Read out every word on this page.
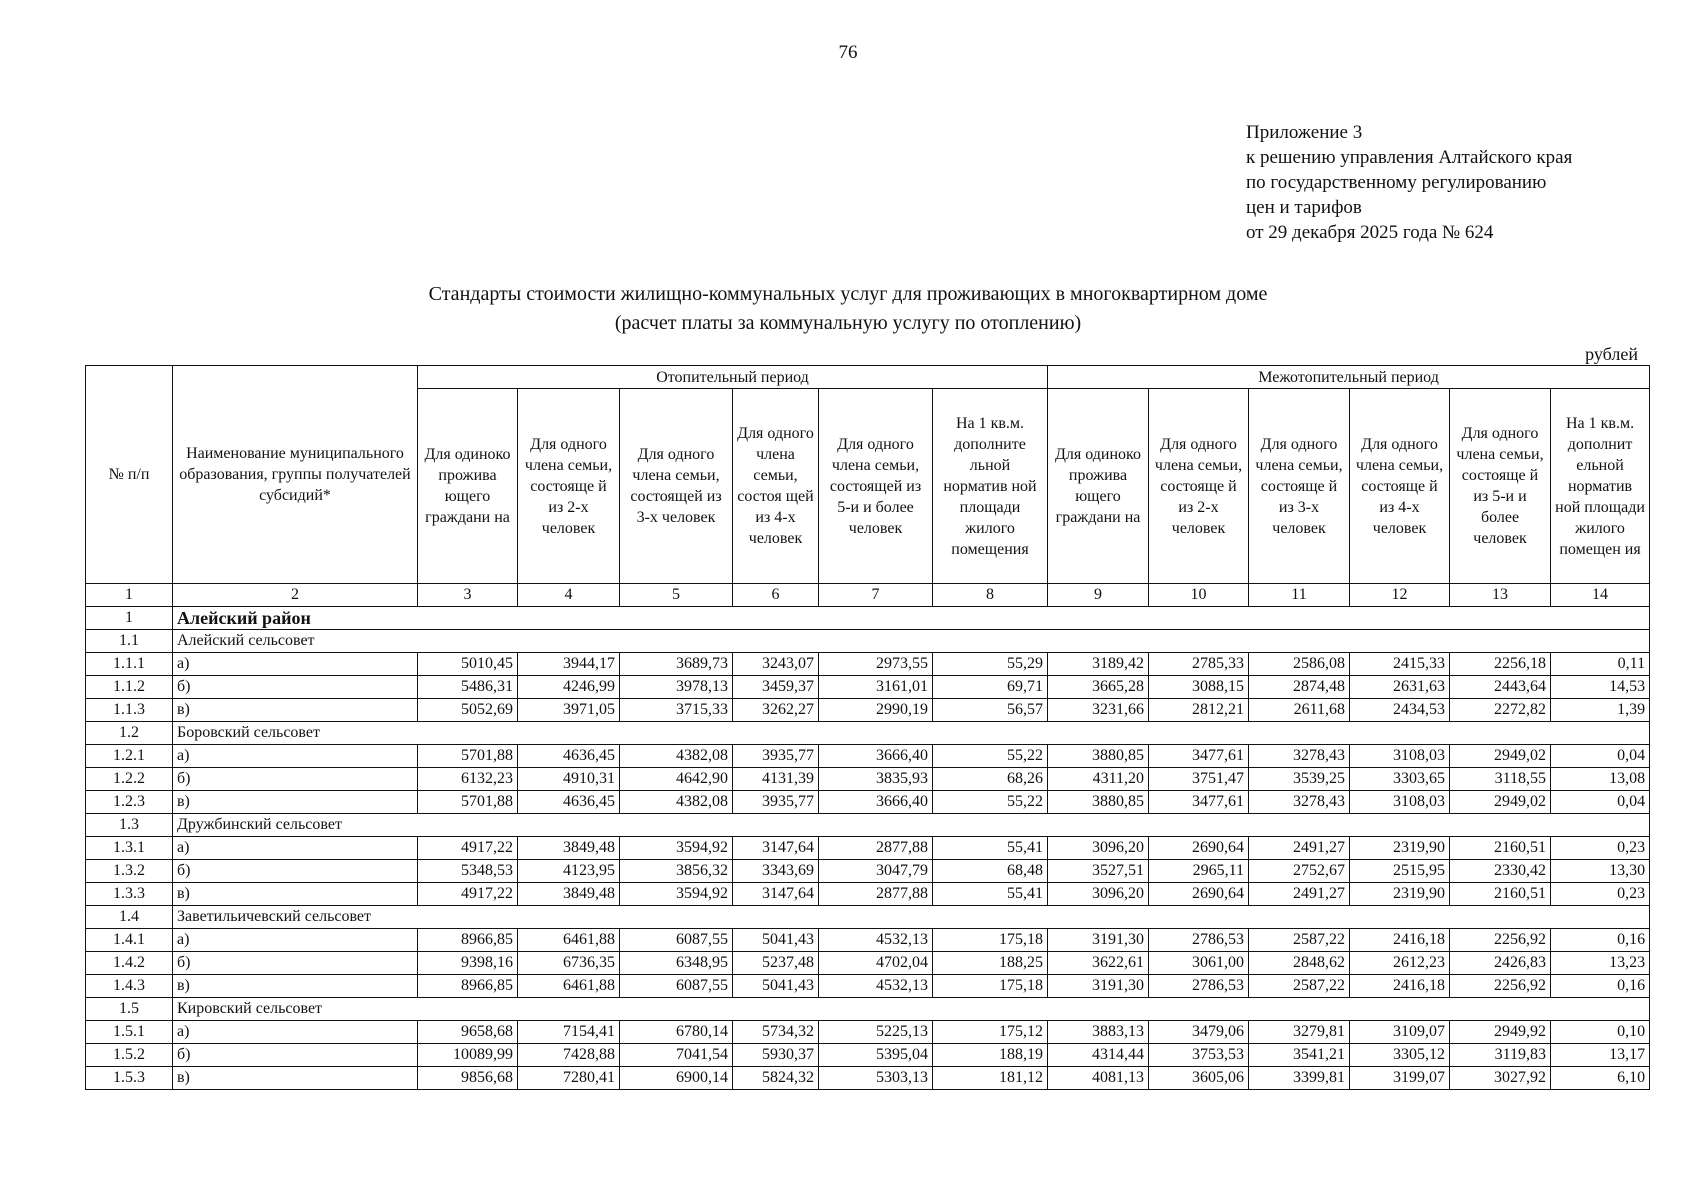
76
Приложение 3
к решению управления Алтайского края
по государственному регулированию
цен и тарифов
от 29 декабря 2025 года № 624
Стандарты стоимости жилищно-коммунальных услуг для проживающих в многоквартирном доме
(расчет платы за коммунальную услугу по отоплению)
рублей
№ п/п	Наименование муниципального образования, группы получателей субсидий*	Отопительный период						Межотопительный период					
		Для одиноко прожива ющего граждани на	Для одного члена семьи, состояще й из 2-х человек	Для одного члена семьи, состоящей из 3-х человек	Для одного члена семьи, состоя щей из 4-х человек	Для одного члена семьи, состоящей из 5-и и более человек	На 1 кв.м. дополните льной норматив ной площади жилого помещения	Для одиноко прожива ющего граждани на	Для одного члена семьи, состояще й из 2-х человек	Для одного члена семьи, состояще й из 3-х человек	Для одного члена семьи, состояще й из 4-х человек	Для одного члена семьи, состояще й из 5-и и более человек	На 1 кв.м. дополнит ельной норматив ной площади жилого помещен ия
1	2	3	4	5	6	7	8	9	10	11	12	13	14
1	Алейский район												
1.1	Алейский сельсовет												
1.1.1	а)	5010,45	3944,17	3689,73	3243,07	2973,55	55,29	3189,42	2785,33	2586,08	2415,33	2256,18	0,11
1.1.2	б)	5486,31	4246,99	3978,13	3459,37	3161,01	69,71	3665,28	3088,15	2874,48	2631,63	2443,64	14,53
1.1.3	в)	5052,69	3971,05	3715,33	3262,27	2990,19	56,57	3231,66	2812,21	2611,68	2434,53	2272,82	1,39
1.2	Боровский сельсовет												
1.2.1	а)	5701,88	4636,45	4382,08	3935,77	3666,40	55,22	3880,85	3477,61	3278,43	3108,03	2949,02	0,04
1.2.2	б)	6132,23	4910,31	4642,90	4131,39	3835,93	68,26	4311,20	3751,47	3539,25	3303,65	3118,55	13,08
1.2.3	в)	5701,88	4636,45	4382,08	3935,77	3666,40	55,22	3880,85	3477,61	3278,43	3108,03	2949,02	0,04
1.3	Дружбинский сельсовет												
1.3.1	а)	4917,22	3849,48	3594,92	3147,64	2877,88	55,41	3096,20	2690,64	2491,27	2319,90	2160,51	0,23
1.3.2	б)	5348,53	4123,95	3856,32	3343,69	3047,79	68,48	3527,51	2965,11	2752,67	2515,95	2330,42	13,30
1.3.3	в)	4917,22	3849,48	3594,92	3147,64	2877,88	55,41	3096,20	2690,64	2491,27	2319,90	2160,51	0,23
1.4	Заветильичевский сельсовет												
1.4.1	а)	8966,85	6461,88	6087,55	5041,43	4532,13	175,18	3191,30	2786,53	2587,22	2416,18	2256,92	0,16
1.4.2	б)	9398,16	6736,35	6348,95	5237,48	4702,04	188,25	3622,61	3061,00	2848,62	2612,23	2426,83	13,23
1.4.3	в)	8966,85	6461,88	6087,55	5041,43	4532,13	175,18	3191,30	2786,53	2587,22	2416,18	2256,92	0,16
1.5	Кировский сельсовет												
1.5.1	а)	9658,68	7154,41	6780,14	5734,32	5225,13	175,12	3883,13	3479,06	3279,81	3109,07	2949,92	0,10
1.5.2	б)	10089,99	7428,88	7041,54	5930,37	5395,04	188,19	4314,44	3753,53	3541,21	3305,12	3119,83	13,17
1.5.3	в)	9856,68	7280,41	6900,14	5824,32	5303,13	181,12	4081,13	3605,06	3399,81	3199,07	3027,92	6,10
